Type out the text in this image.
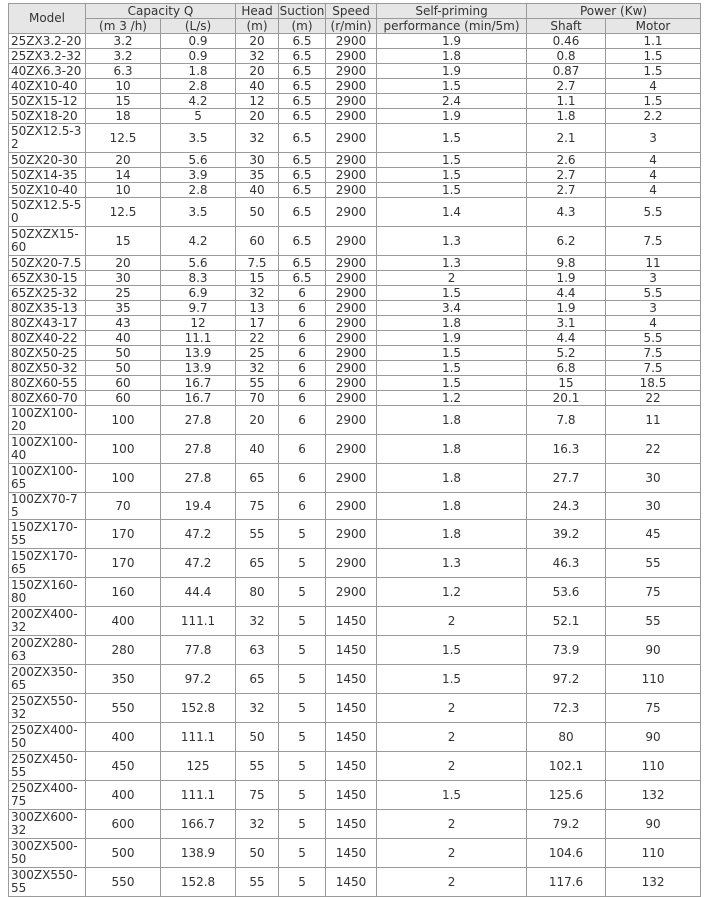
Model	Capacity Q		Head	Suction	Speed	Self-priming	Power (Kw)	
	(m 3 /h)	(L/s)	(m)	(m)	(r/min)	performance (min/5m)	Shaft	Motor
25ZX3.2-20	3.2	0.9	20	6.5	2900	1.9	0.46	1.1
25ZX3.2-32	3.2	0.9	32	6.5	2900	1.8	0.8	1.5
40ZX6.3-20	6.3	1.8	20	6.5	2900	1.9	0.87	1.5
40ZX10-40	10	2.8	40	6.5	2900	1.5	2.7	4
50ZX15-12	15	4.2	12	6.5	2900	2.4	1.1	1.5
50ZX18-20	18	5	20	6.5	2900	1.9	1.8	2.2
50ZX12.5-32	12.5	3.5	32	6.5	2900	1.5	2.1	3
50ZX20-30	20	5.6	30	6.5	2900	1.5	2.6	4
50ZX14-35	14	3.9	35	6.5	2900	1.5	2.7	4
50ZX10-40	10	2.8	40	6.5	2900	1.5	2.7	4
50ZX12.5-50	12.5	3.5	50	6.5	2900	1.4	4.3	5.5
50ZXZX15-60	15	4.2	60	6.5	2900	1.3	6.2	7.5
50ZX20-7.5	20	5.6	7.5	6.5	2900	1.3	9.8	11
65ZX30-15	30	8.3	15	6.5	2900	2	1.9	3
65ZX25-32	25	6.9	32	6	2900	1.5	4.4	5.5
80ZX35-13	35	9.7	13	6	2900	3.4	1.9	3
80ZX43-17	43	12	17	6	2900	1.8	3.1	4
80ZX40-22	40	11.1	22	6	2900	1.9	4.4	5.5
80ZX50-25	50	13.9	25	6	2900	1.5	5.2	7.5
80ZX50-32	50	13.9	32	6	2900	1.5	6.8	7.5
80ZX60-55	60	16.7	55	6	2900	1.5	15	18.5
80ZX60-70	60	16.7	70	6	2900	1.2	20.1	22
100ZX100-20	100	27.8	20	6	2900	1.8	7.8	11
100ZX100-40	100	27.8	40	6	2900	1.8	16.3	22
100ZX100-65	100	27.8	65	6	2900	1.8	27.7	30
100ZX70-75	70	19.4	75	6	2900	1.8	24.3	30
150ZX170-55	170	47.2	55	5	2900	1.8	39.2	45
150ZX170-65	170	47.2	65	5	2900	1.3	46.3	55
150ZX160-80	160	44.4	80	5	2900	1.2	53.6	75
200ZX400-32	400	111.1	32	5	1450	2	52.1	55
200ZX280-63	280	77.8	63	5	1450	1.5	73.9	90
200ZX350-65	350	97.2	65	5	1450	1.5	97.2	110
250ZX550-32	550	152.8	32	5	1450	2	72.3	75
250ZX400-50	400	111.1	50	5	1450	2	80	90
250ZX450-55	450	125	55	5	1450	2	102.1	110
250ZX400-75	400	111.1	75	5	1450	1.5	125.6	132
300ZX600-32	600	166.7	32	5	1450	2	79.2	90
300ZX500-50	500	138.9	50	5	1450	2	104.6	110
300ZX550-55	550	152.8	55	5	1450	2	117.6	132
